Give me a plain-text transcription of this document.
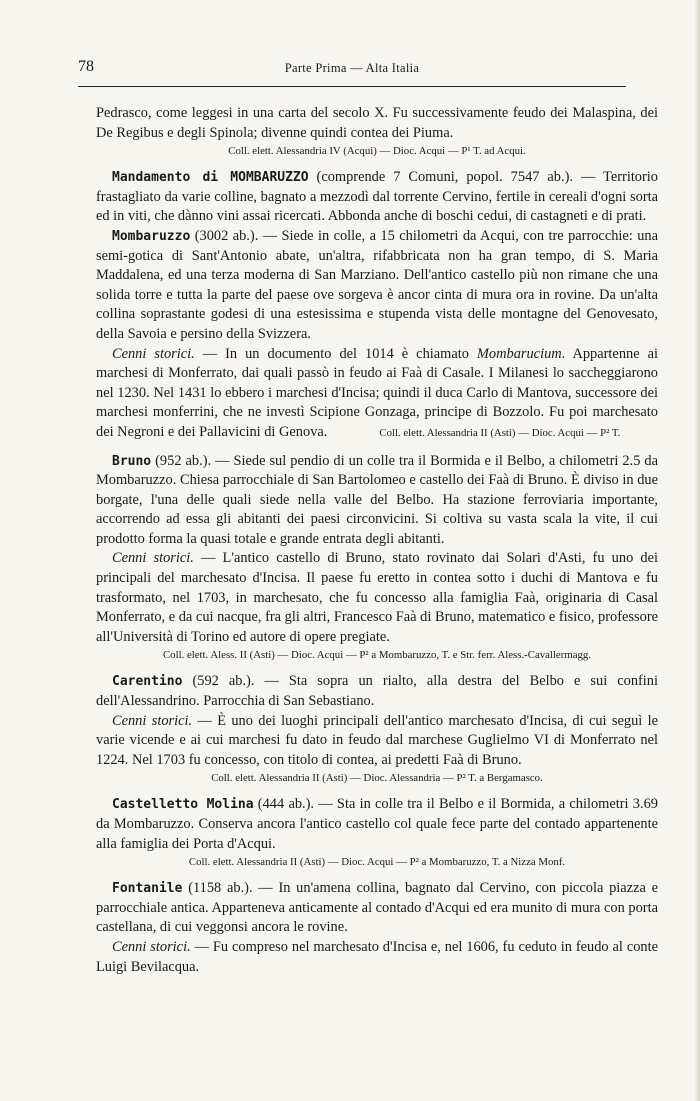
78	Parte Prima — Alta Italia

Pedrasco, come leggesi in una carta del secolo X. Fu successivamente feudo dei Malaspina, dei De Regibus e degli Spinola; divenne quindi contea dei Piuma.

Coll. elett. Alessandria IV (Acqui) — Dioc. Acqui — P¹ T. ad Acqui.

Mandamento di MOMBARUZZO (comprende 7 Comuni, popol. 7547 ab.). — Territorio frastagliato da varie colline, bagnato a mezzodì dal torrente Cervino, fertile in cereali d'ogni sorta ed in viti, che dànno vini assai ricercati. Abbonda anche di boschi cedui, di castagneti e di prati.

Mombaruzzo (3002 ab.). — Siede in colle, a 15 chilometri da Acqui, con tre parrocchie: una semi-gotica di Sant'Antonio abate, un'altra, rifabbricata non ha gran tempo, di S. Maria Maddalena, ed una terza moderna di San Marziano. Dell'antico castello più non rimane che una solida torre e tutta la parte del paese ove sorgeva è ancor cinta di mura ora in rovine. Da un'alta collina soprastante godesi di una estesissima e stupenda vista delle montagne del Genovesato, della Savoia e persino della Svizzera.

Cenni storici. — In un documento del 1014 è chiamato Mombarucium. Appartenne ai marchesi di Monferrato, dai quali passò in feudo ai Faà di Casale. I Milanesi lo saccheggiarono nel 1230. Nel 1431 lo ebbero i marchesi d'Incisa; quindi il duca Carlo di Mantova, successore dei marchesi monferrini, che ne investì Scipione Gonzaga, principe di Bozzolo. Fu poi marchesato dei Negroni e dei Pallavicini di Genova.	Coll. elett. Alessandria II (Asti) — Dioc. Acqui — P² T.

Bruno (952 ab.). — Siede sul pendio di un colle tra il Bormida e il Belbo, a chilometri 2.5 da Mombaruzzo. Chiesa parrocchiale di San Bartolomeo e castello dei Faà di Bruno. È diviso in due borgate, l'una delle quali siede nella valle del Belbo. Ha stazione ferroviaria importante, accorrendo ad essa gli abitanti dei paesi circonvicini. Si coltiva su vasta scala la vite, il cui prodotto forma la quasi totale e grande entrata degli abitanti.

Cenni storici. — L'antico castello di Bruno, stato rovinato dai Solari d'Asti, fu uno dei principali del marchesato d'Incisa. Il paese fu eretto in contea sotto i duchi di Mantova e fu trasformato, nel 1703, in marchesato, che fu concesso alla famiglia Faà, originaria di Casal Monferrato, e da cui nacque, fra gli altri, Francesco Faà di Bruno, matematico e fisico, professore all'Università di Torino ed autore di opere pregiate.

Coll. elett. Aless. II (Asti) — Dioc. Acqui — P² a Mombaruzzo, T. e Str. ferr. Aless.-Cavallermagg.

Carentino (592 ab.). — Sta sopra un rialto, alla destra del Belbo e sui confini dell'Alessandrino. Parrocchia di San Sebastiano.

Cenni storici. — È uno dei luoghi principali dell'antico marchesato d'Incisa, di cui seguì le varie vicende e ai cui marchesi fu dato in feudo dal marchese Guglielmo VI di Monferrato nel 1224. Nel 1703 fu concesso, con titolo di contea, ai predetti Faà di Bruno.

Coll. elett. Alessandria II (Asti) — Dioc. Alessandria — P² T. a Bergamasco.

Castelletto Molina (444 ab.). — Sta in colle tra il Belbo e il Bormida, a chilometri 3.69 da Mombaruzzo. Conserva ancora l'antico castello col quale fece parte del contado appartenente alla famiglia dei Porta d'Acqui.

Coll. elett. Alessandria II (Asti) — Dioc. Acqui — P² a Mombaruzzo, T. a Nizza Monf.

Fontanile (1158 ab.). — In un'amena collina, bagnato dal Cervino, con piccola piazza e parrocchiale antica. Apparteneva anticamente al contado d'Acqui ed era munito di mura con porta castellana, di cui veggonsi ancora le rovine.

Cenni storici. — Fu compreso nel marchesato d'Incisa e, nel 1606, fu ceduto in feudo al conte Luigi Bevilacqua.
